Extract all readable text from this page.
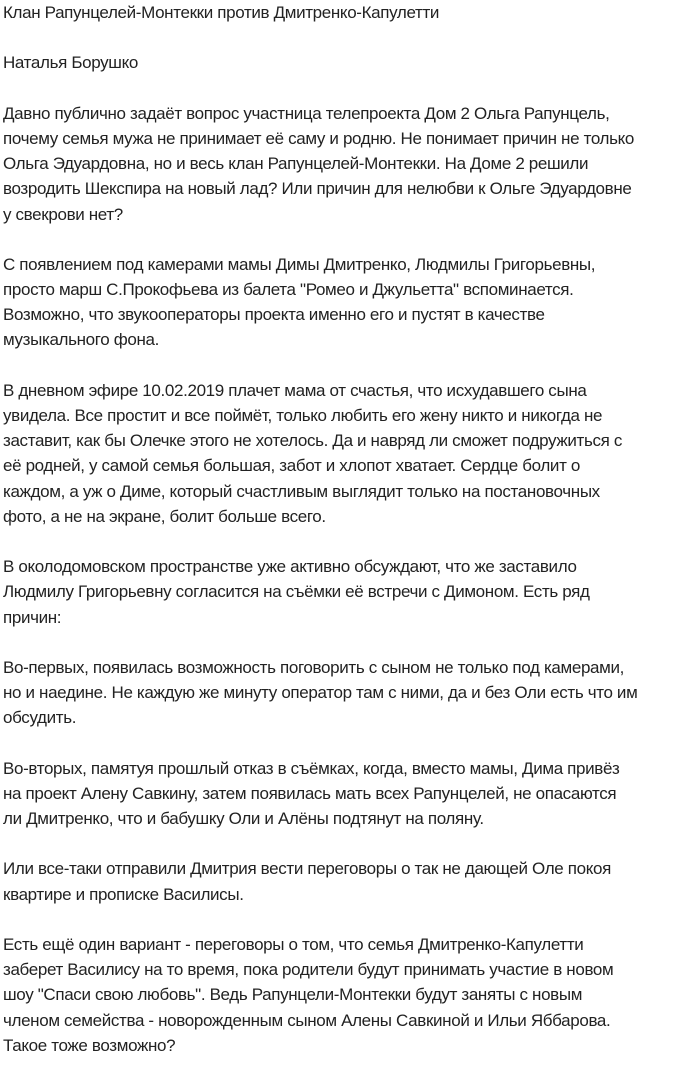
Клан Рапунцелей-Монтекки против Дмитренко-Капулетти
Наталья Борушко
Давно публично задаёт вопрос участница телепроекта Дом 2 Ольга Рапунцель,
почему семья мужа не принимает её саму и родню. Не понимает причин не только
Ольга Эдуардовна, но и весь клан Рапунцелей-Монтекки. На Доме 2 решили
возродить Шекспира на новый лад? Или причин для нелюбви к Ольге Эдуардовне
у свекрови нет?
С появлением под камерами мамы Димы Дмитренко, Людмилы Григорьевны,
просто марш С.Прокофьева из балета "Ромео и Джульетта" вспоминается.
Возможно, что звукооператоры проекта именно его и пустят в качестве
музыкального фона.
В дневном эфире 10.02.2019 плачет мама от счастья, что исхудавшего сына
увидела. Все простит и все поймёт, только любить его жену никто и никогда не
заставит, как бы Олечке этого не хотелось. Да и навряд ли сможет подружиться с
её родней, у самой семья большая, забот и хлопот хватает. Сердце болит о
каждом, а уж о Диме, который счастливым выглядит только на постановочных
фото, а не на экране, болит больше всего.
В околодомовском пространстве уже активно обсуждают, что же заставило
Людмилу Григорьевну согласится на съёмки её встречи с Димоном. Есть ряд
причин:
Во-первых, появилась возможность поговорить с сыном не только под камерами,
но и наедине. Не каждую же минуту оператор там с ними, да и без Оли есть что им
обсудить.
Во-вторых, памятуя прошлый отказ в съёмках, когда, вместо мамы, Дима привёз
на проект Алену Савкину, затем появилась мать всех Рапунцелей, не опасаются
ли Дмитренко, что и бабушку Оли и Алёны подтянут на поляну.
Или все-таки отправили Дмитрия вести переговоры о так не дающей Оле покоя
квартире и прописке Василисы.
Есть ещё один вариант - переговоры о том, что семья Дмитренко-Капулетти
заберет Василису на то время, пока родители будут принимать участие в новом
шоу "Спаси свою любовь". Ведь Рапунцели-Монтекки будут заняты с новым
членом семейства - новорожденным сыном Алены Савкиной и Ильи Яббарова.
Такое тоже возможно?
